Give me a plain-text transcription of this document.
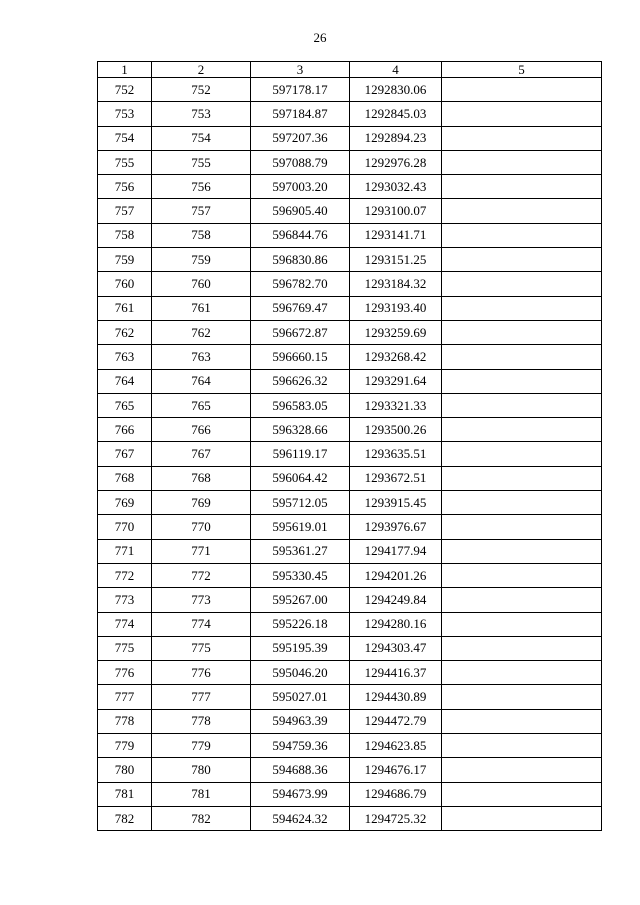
26
1	2	3	4	5
752	752	597178.17	1292830.06	
753	753	597184.87	1292845.03	
754	754	597207.36	1292894.23	
755	755	597088.79	1292976.28	
756	756	597003.20	1293032.43	
757	757	596905.40	1293100.07	
758	758	596844.76	1293141.71	
759	759	596830.86	1293151.25	
760	760	596782.70	1293184.32	
761	761	596769.47	1293193.40	
762	762	596672.87	1293259.69	
763	763	596660.15	1293268.42	
764	764	596626.32	1293291.64	
765	765	596583.05	1293321.33	
766	766	596328.66	1293500.26	
767	767	596119.17	1293635.51	
768	768	596064.42	1293672.51	
769	769	595712.05	1293915.45	
770	770	595619.01	1293976.67	
771	771	595361.27	1294177.94	
772	772	595330.45	1294201.26	
773	773	595267.00	1294249.84	
774	774	595226.18	1294280.16	
775	775	595195.39	1294303.47	
776	776	595046.20	1294416.37	
777	777	595027.01	1294430.89	
778	778	594963.39	1294472.79	
779	779	594759.36	1294623.85	
780	780	594688.36	1294676.17	
781	781	594673.99	1294686.79	
782	782	594624.32	1294725.32	
